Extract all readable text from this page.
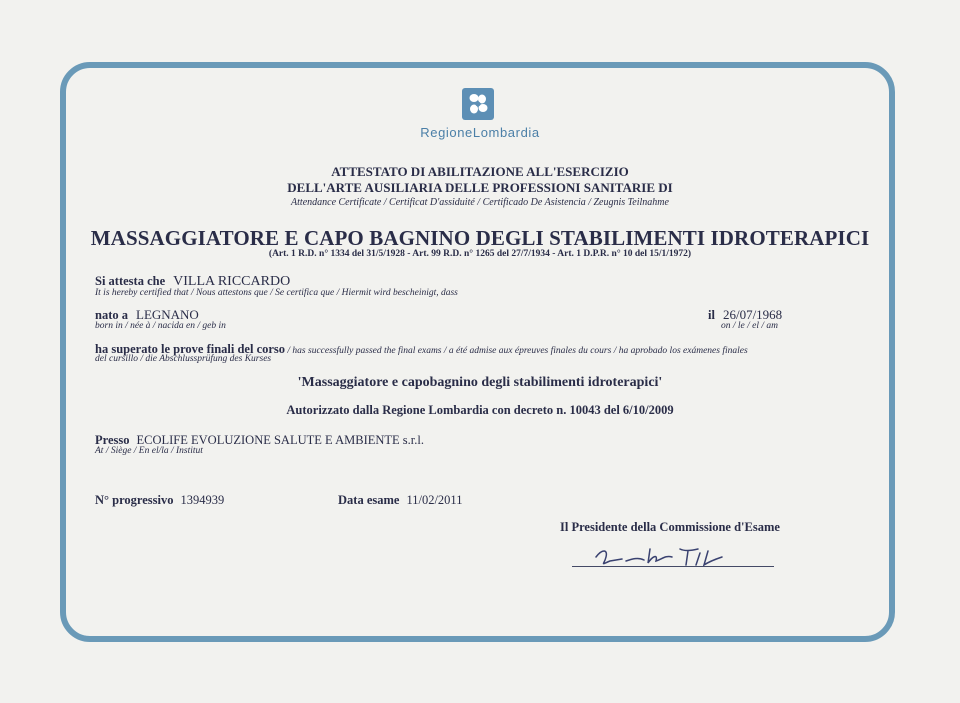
RegioneLombardia
ATTESTATO DI ABILITAZIONE ALL'ESERCIZIO
DELL'ARTE AUSILIARIA DELLE PROFESSIONI SANITARIE DI
Attendance Certificate / Certificat D'assiduité / Certificado De Asistencia / Zeugnis Teilnahme
MASSAGGIATORE E CAPO BAGNINO DEGLI STABILIMENTI IDROTERAPICI
(Art. 1 R.D. n° 1334 del 31/5/1928 - Art. 99 R.D. n° 1265 del 27/7/1934 - Art. 1 D.P.R. n° 10 del 15/1/1972)
Si attesta che VILLA RICCARDO
It is hereby certified that / Nous attestons que / Se certifica que / Hiermit wird bescheinigt, dass
nato a LEGNANO
born in / née à / nacida en / geb in
il 26/07/1968
on / le / el / am
ha superato le prove finali del corso / has successfully passed the final exams / a été admise aux épreuves finales du cours / ha aprobado los exámenes finales
del cursillo / die Abschlussprüfung des Kurses
'Massaggiatore e capobagnino degli stabilimenti idroterapici'
Autorizzato dalla Regione Lombardia con decreto n. 10043 del 6/10/2009
Presso ECOLIFE EVOLUZIONE SALUTE E AMBIENTE s.r.l.
At / Siège / En el/la / Institut
N° progressivo 1394939	Data esame 11/02/2011
Il Presidente della Commissione d'Esame
